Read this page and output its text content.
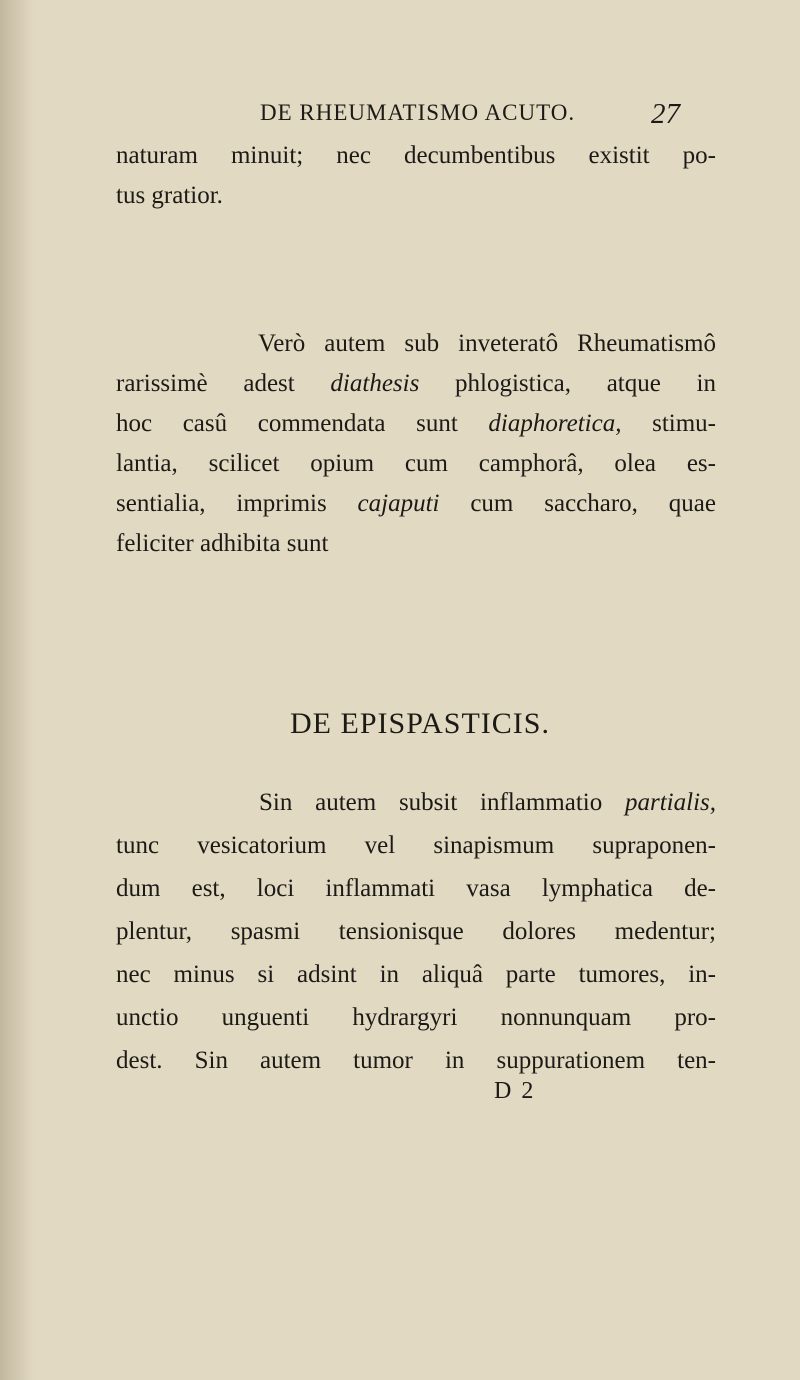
DE RHEUMATISMO ACUTO.	27
naturam minuit; nec decumbentibus existit po-
tus gratior.
Verò autem sub inveteratô Rheumatismô
rarissimè adest diathesis phlogistica, atque in
hoc casû commendata sunt diaphoretica, stimu-
lantia, scilicet opium cum camphorâ, olea es-
sentialia, imprimis cajaputi cum saccharo, quae
feliciter adhibita sunt
DE EPISPASTICIS.
Sin autem subsit inflammatio partialis,
tunc vesicatorium vel sinapismum supraponen-
dum est, loci inflammati vasa lymphatica de-
plentur, spasmi tensionisque dolores medentur;
nec minus si adsint in aliquâ parte tumores, in-
unctio unguenti hydrargyri nonnunquam pro-
dest. Sin autem tumor in suppurationem ten-
D 2
